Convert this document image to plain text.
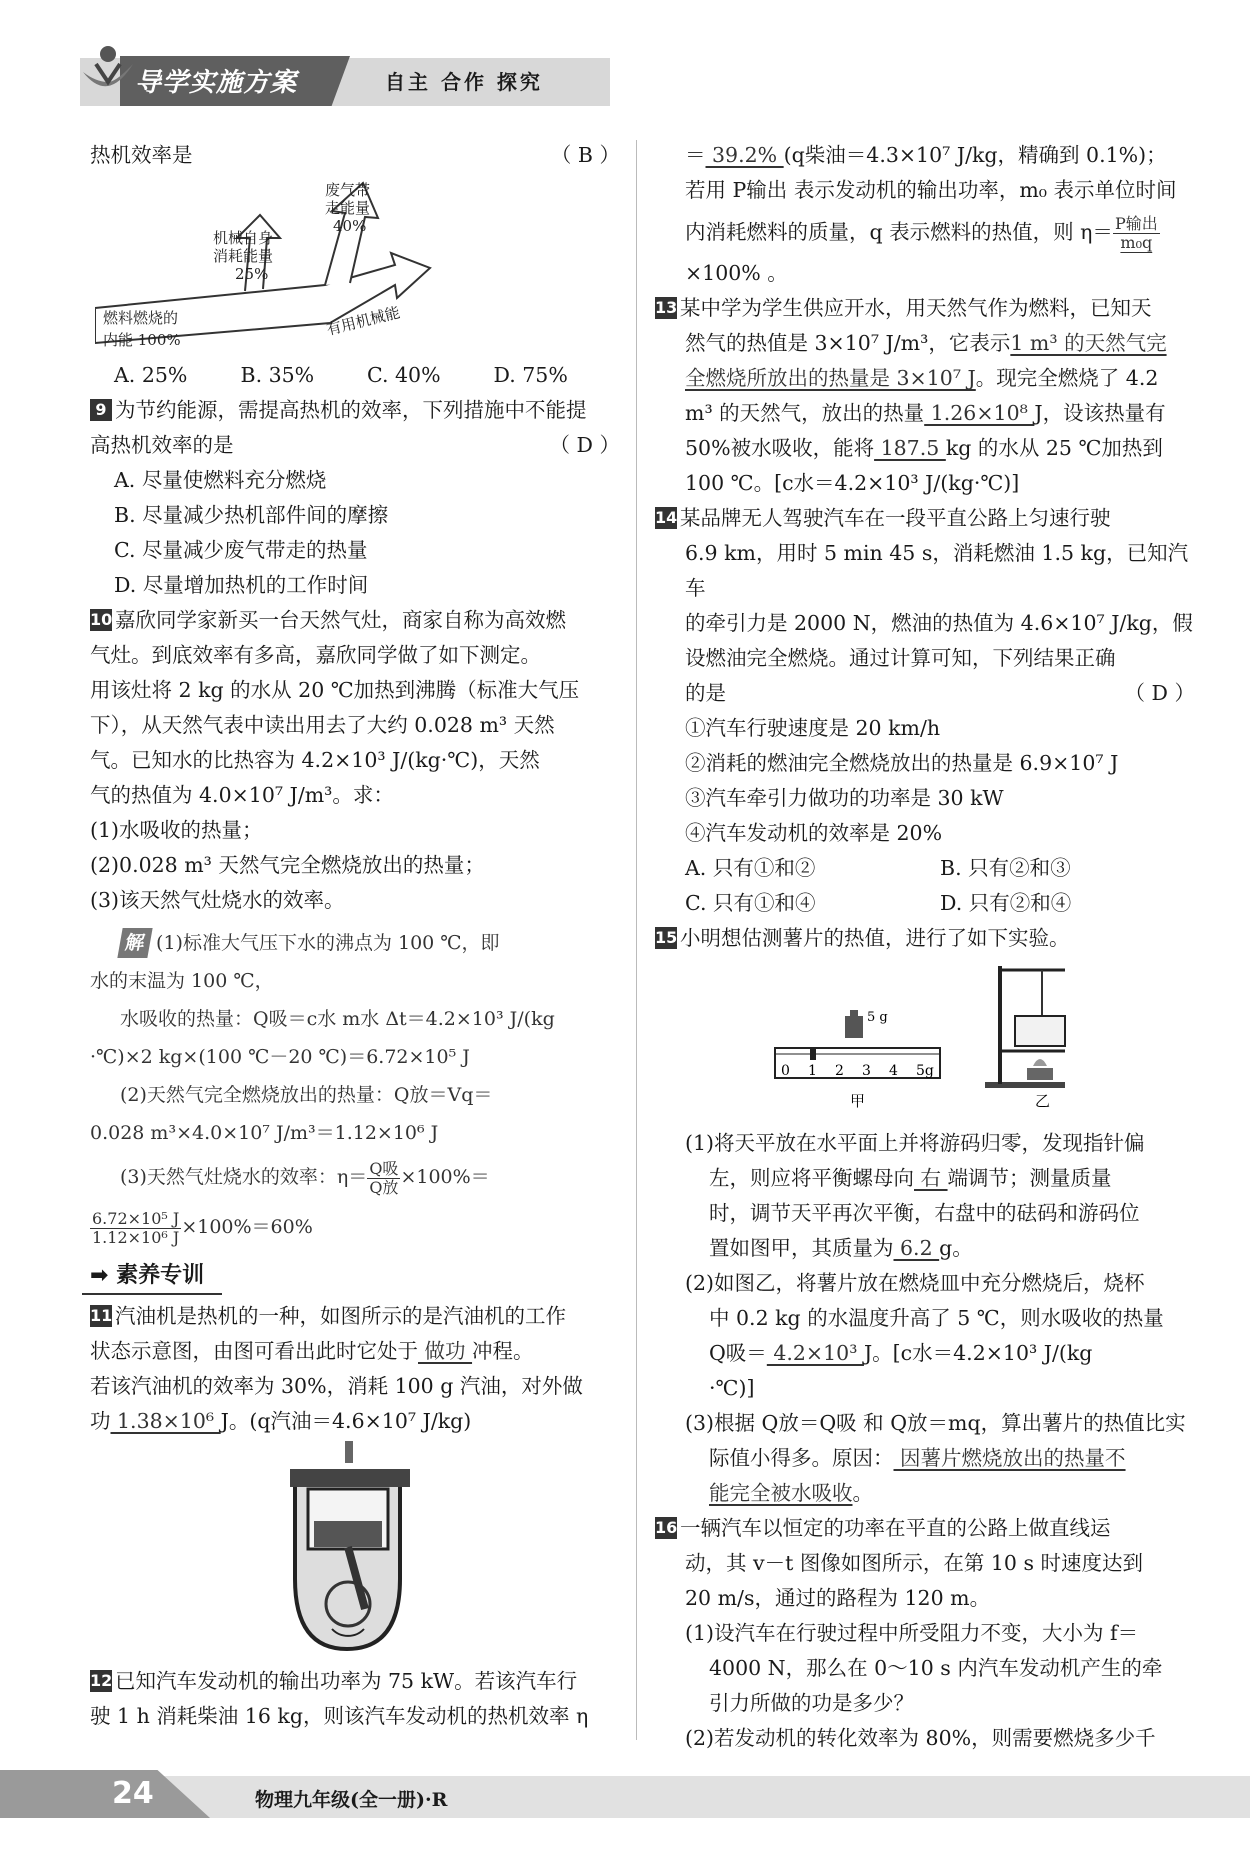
导学实施方案	自主 合作 探究

热机效率是	（ B ）

燃料燃烧的
内能 100%
机械自身
消耗能量
25%
废气带
走能量
40%
有用机械能

A. 25%	B. 35%	C. 40%	D. 75%

9 为节约能源，需提高热机的效率，下列措施中不能提

高热机效率的是	（ D ）

A. 尽量使燃料充分燃烧

B. 尽量减少热机部件间的摩擦

C. 尽量减少废气带走的热量

D. 尽量增加热机的工作时间

10 嘉欣同学家新买一台天然气灶，商家自称为高效燃

气灶。到底效率有多高，嘉欣同学做了如下测定。

用该灶将 2 kg 的水从 20 ℃加热到沸腾（标准大气压

下），从天然气表中读出用去了大约 0.028 m³ 天然

气。已知水的比热容为 4.2×10³ J/(kg·℃)，天然

气的热值为 4.0×10⁷ J/m³。求：

(1)水吸收的热量；

(2)0.028 m³ 天然气完全燃烧放出的热量；

(3)该天然气灶烧水的效率。

解 (1)标准大气压下水的沸点为 100 ℃，即

水的末温为 100 ℃，

水吸收的热量：Q吸＝c水 m水 Δt＝4.2×10³ J/(kg

·℃)×2 kg×(100 ℃－20 ℃)＝6.72×10⁵ J

(2)天然气完全燃烧放出的热量：Q放＝Vq＝

0.028 m³×4.0×10⁷ J/m³＝1.12×10⁶ J

(3)天然气灶烧水的效率：$\eta= \frac{\text{Q吸}}{\text{Q放}} \times 100\%=$

$\frac{\text{6.72×10⁵ J}}{\text{1.12×10⁶ J}} \times 100\%=60\%$

➡ 素养专训

11 汽油机是热机的一种，如图所示的是汽油机的工作

状态示意图，由图可看出此时它处于 做功 冲程。

若该汽油机的效率为 30%，消耗 100 g 汽油，对外做

功 1.38×10⁶ J。(q汽油＝4.6×10⁷ J/kg)

12 已知汽车发动机的输出功率为 75 kW。若该汽车行

驶 1 h 消耗柴油 16 kg，则该汽车发动机的热机效率 η

＝ 39.2% (q柴油＝4.3×10⁷ J/kg，精确到 0.1%)；

若用 P输出 表示发动机的输出功率，m₀ 表示单位时间

内消耗燃料的质量，q 表示燃料的热值，则 $\eta= \frac{\text{P输出}}{\text{m₀q}}$

×100% 。

13 某中学为学生供应开水，用天然气作为燃料，已知天

然气的热值是 3×10⁷ J/m³，它表示1 m³ 的天然气完

全燃烧所放出的热量是 3×10⁷ J。现完全燃烧了 4.2

m³ 的天然气，放出的热量 1.26×10⁸ J，设该热量有

50%被水吸收，能将 187.5 kg 的水从 25 ℃加热到

100 ℃。[c水＝4.2×10³ J/(kg·℃)]

14 某品牌无人驾驶汽车在一段平直公路上匀速行驶

6.9 km，用时 5 min 45 s，消耗燃油 1.5 kg，已知汽车

的牵引力是 2000 N，燃油的热值为 4.6×10⁷ J/kg，假

设燃油完全燃烧。通过计算可知，下列结果正确

的是	（ D ）

①汽车行驶速度是 20 km/h

②消耗的燃油完全燃烧放出的热量是 6.9×10⁷ J

③汽车牵引力做功的功率是 30 kW

④汽车发动机的效率是 20%

A. 只有①和②	B. 只有②和③

C. 只有①和④	D. 只有②和④

15 小明想估测薯片的热值，进行了如下实验。

5 g
0 1 2 3 4 5g
甲	乙

(1)将天平放在水平面上并将游码归零，发现指针偏

左，则应将平衡螺母向 右 端调节；测量质量

时，调节天平再次平衡，右盘中的砝码和游码位

置如图甲，其质量为 6.2 g。

(2)如图乙，将薯片放在燃烧皿中充分燃烧后，烧杯

中 0.2 kg 的水温度升高了 5 ℃，则水吸收的热量

Q吸＝ 4.2×10³ J。[c水＝4.2×10³ J/(kg

·℃)]

(3)根据 Q放＝Q吸 和 Q放＝mq，算出薯片的热值比实

际值小得多。原因： 因薯片燃烧放出的热量不

能完全被水吸收。

16 一辆汽车以恒定的功率在平直的公路上做直线运

动，其 v－t 图像如图所示，在第 10 s 时速度达到

20 m/s，通过的路程为 120 m。

(1)设汽车在行驶过程中所受阻力不变，大小为 f＝

4000 N，那么在 0～10 s 内汽车发动机产生的牵

引力所做的功是多少？

(2)若发动机的转化效率为 80%，则需要燃烧多少千

24	物理九年级(全一册)·R
